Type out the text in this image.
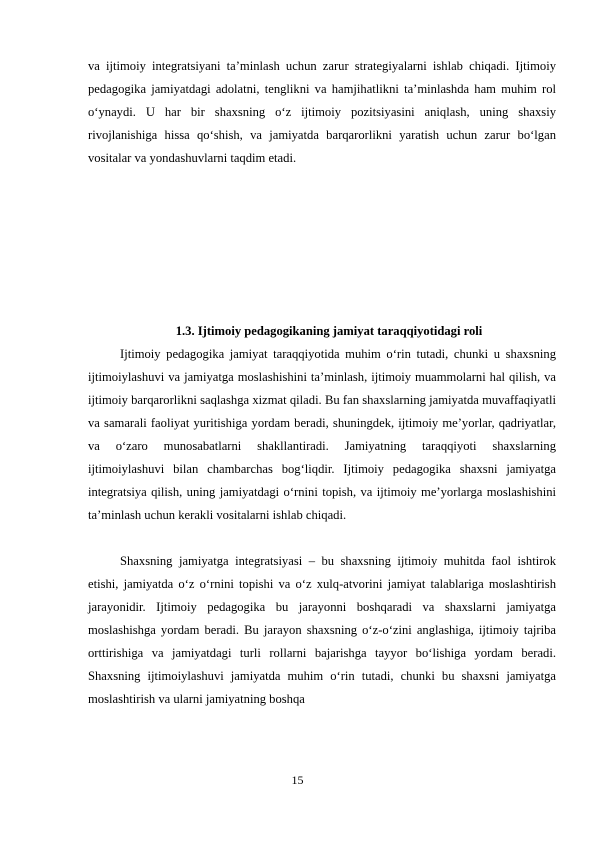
va ijtimoiy integratsiyani ta’minlash uchun zarur strategiyalarni ishlab chiqadi. Ijtimoiy pedagogika jamiyatdagi adolatni, tenglikni va hamjihatlikni ta’minlashda ham muhim rol o‘ynaydi. U har bir shaxsning o‘z ijtimoiy pozitsiyasini aniqlash, uning shaxsiy rivojlanishiga hissa qo‘shish, va jamiyatda barqarorlikni yaratish uchun zarur bo‘lgan vositalar va yondashuvlarni taqdim etadi.

1.3. Ijtimoiy pedagogikaning jamiyat taraqqiyotidagi roli

Ijtimoiy pedagogika jamiyat taraqqiyotida muhim o‘rin tutadi, chunki u shaxsning ijtimoiylashuvi va jamiyatga moslashishini ta’minlash, ijtimoiy muammolarni hal qilish, va ijtimoiy barqarorlikni saqlashga xizmat qiladi. Bu fan shaxslarning jamiyatda muvaffaqiyatli va samarali faoliyat yuritishiga yordam beradi, shuningdek, ijtimoiy me’yorlar, qadriyatlar, va o‘zaro munosabatlarni shakllantiradi. Jamiyatning taraqqiyoti shaxslarning ijtimoiylashuvi bilan chambarchas bog‘liqdir. Ijtimoiy pedagogika shaxsni jamiyatga integratsiya qilish, uning jamiyatdagi o‘rnini topish, va ijtimoiy me’yorlarga moslashishini ta’minlash uchun kerakli vositalarni ishlab chiqadi.

Shaxsning jamiyatga integratsiyasi – bu shaxsning ijtimoiy muhitda faol ishtirok etishi, jamiyatda o‘z o‘rnini topishi va o‘z xulq-atvorini jamiyat talablariga moslashtirish jarayonidir. Ijtimoiy pedagogika bu jarayonni boshqaradi va shaxslarni jamiyatga moslashishga yordam beradi. Bu jarayon shaxsning o‘z-o‘zini anglashiga, ijtimoiy tajriba orttirishiga va jamiyatdagi turli rollarni bajarishga tayyor bo‘lishiga yordam beradi. Shaxsning ijtimoiylashuvi jamiyatda muhim o‘rin tutadi, chunki bu shaxsni jamiyatga moslashtirish va ularni jamiyatning boshqa

15
